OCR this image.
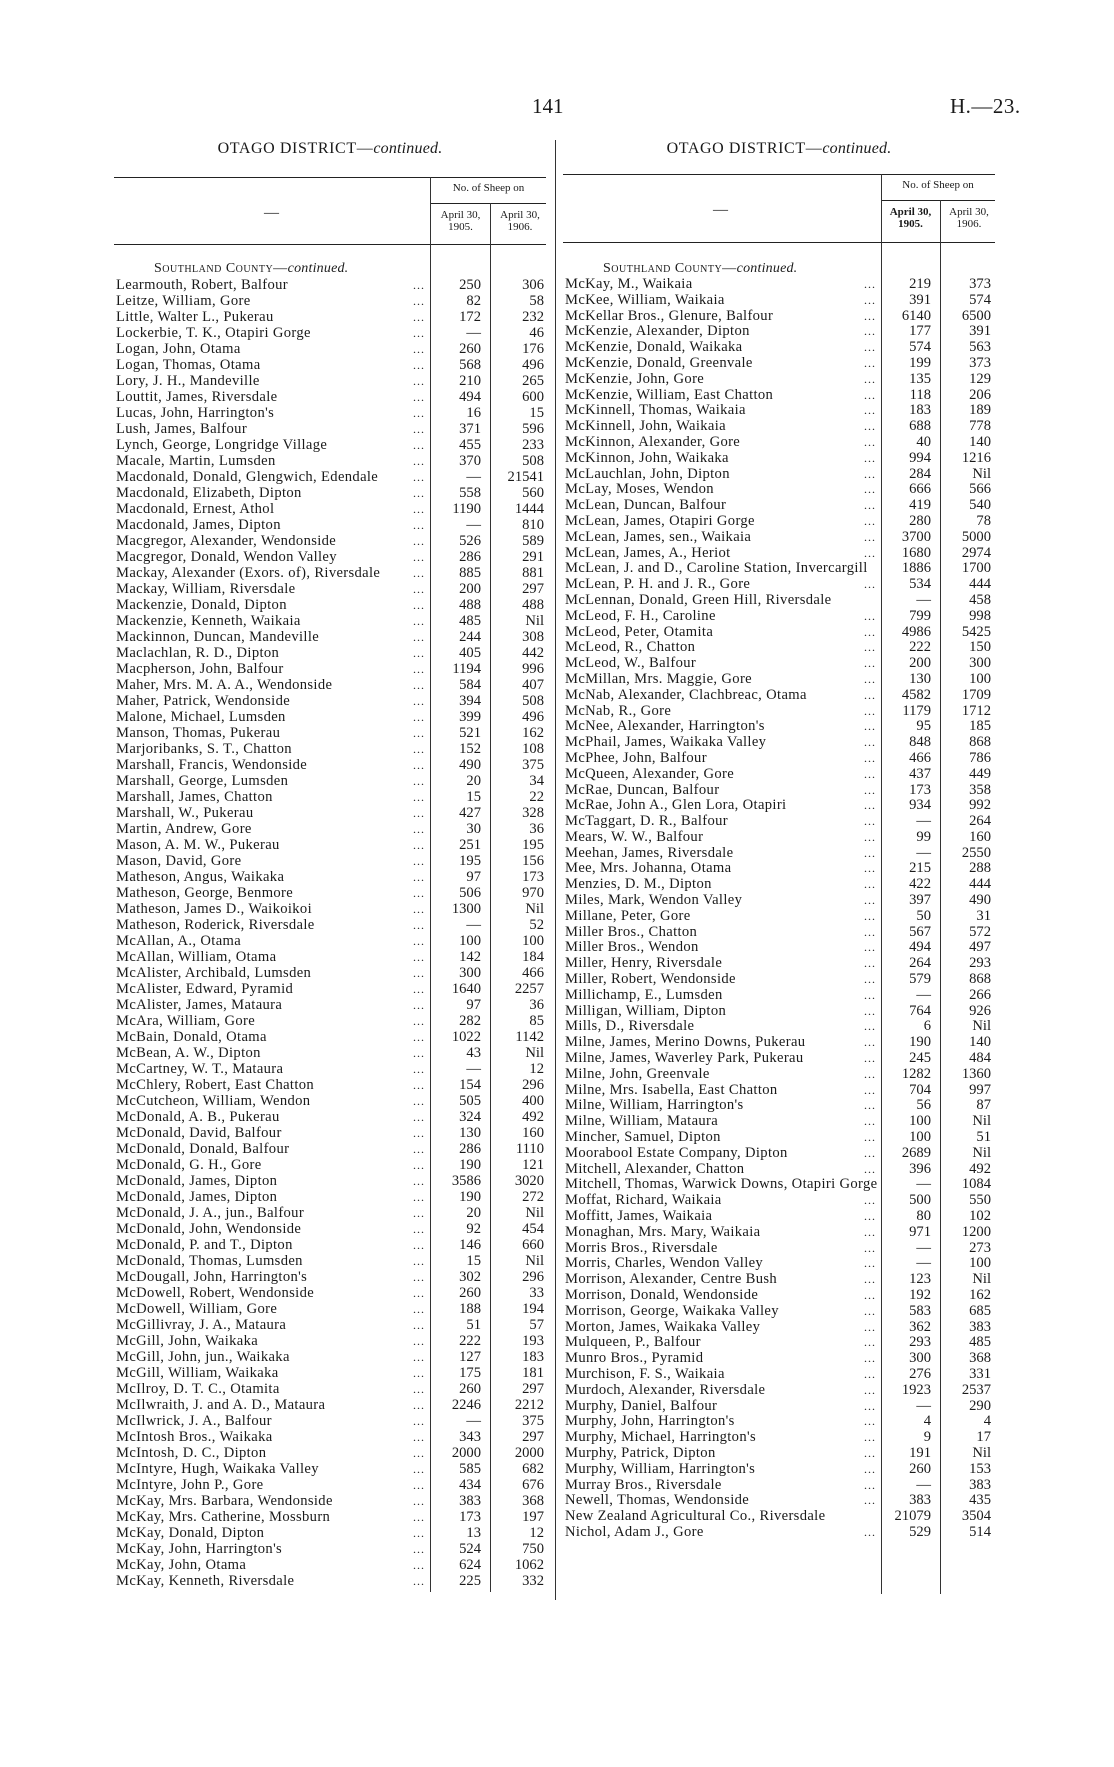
141	H.—23.
OTAGO DISTRICT—continued.
—
No. of Sheep on
April 30,
1905.
April 30,
1906.
Southland County—continued.
Learmouth, Robert, Balfour	...	250	306
Leitze, William, Gore	...	82	58
Little, Walter L., Pukerau	...	172	232
Lockerbie, T. K., Otapiri Gorge	...	—	46
Logan, John, Otama	...	260	176
Logan, Thomas, Otama	...	568	496
Lory, J. H., Mandeville	...	210	265
Louttit, James, Riversdale	...	494	600
Lucas, John, Harrington's	...	16	15
Lush, James, Balfour	...	371	596
Lynch, George, Longridge Village	...	455	233
Macale, Martin, Lumsden	...	370	508
Macdonald, Donald, Glengwich, Edendale	...	—	21541
Macdonald, Elizabeth, Dipton	...	558	560
Macdonald, Ernest, Athol	...	1190	1444
Macdonald, James, Dipton	...	—	810
Macgregor, Alexander, Wendonside	...	526	589
Macgregor, Donald, Wendon Valley	...	286	291
Mackay, Alexander (Exors. of), Riversdale	...	885	881
Mackay, William, Riversdale	...	200	297
Mackenzie, Donald, Dipton	...	488	488
Mackenzie, Kenneth, Waikaia	...	485	Nil
Mackinnon, Duncan, Mandeville	...	244	308
Maclachlan, R. D., Dipton	...	405	442
Macpherson, John, Balfour	...	1194	996
Maher, Mrs. M. A. A., Wendonside	...	584	407
Maher, Patrick, Wendonside	...	394	508
Malone, Michael, Lumsden	...	399	496
Manson, Thomas, Pukerau	...	521	162
Marjoribanks, S. T., Chatton	...	152	108
Marshall, Francis, Wendonside	...	490	375
Marshall, George, Lumsden	...	20	34
Marshall, James, Chatton	...	15	22
Marshall, W., Pukerau	...	427	328
Martin, Andrew, Gore	...	30	36
Mason, A. M. W., Pukerau	...	251	195
Mason, David, Gore	...	195	156
Matheson, Angus, Waikaka	...	97	173
Matheson, George, Benmore	...	506	970
Matheson, James D., Waikoikoi	...	1300	Nil
Matheson, Roderick, Riversdale	...	—	52
McAllan, A., Otama	...	100	100
McAllan, William, Otama	...	142	184
McAlister, Archibald, Lumsden	...	300	466
McAlister, Edward, Pyramid	...	1640	2257
McAlister, James, Mataura	...	97	36
McAra, William, Gore	...	282	85
McBain, Donald, Otama	...	1022	1142
McBean, A. W., Dipton	...	43	Nil
McCartney, W. T., Mataura	...	—	12
McChlery, Robert, East Chatton	...	154	296
McCutcheon, William, Wendon	...	505	400
McDonald, A. B., Pukerau	...	324	492
McDonald, David, Balfour	...	130	160
McDonald, Donald, Balfour	...	286	1110
McDonald, G. H., Gore	...	190	121
McDonald, James, Dipton	...	3586	3020
McDonald, James, Dipton	...	190	272
McDonald, J. A., jun., Balfour	...	20	Nil
McDonald, John, Wendonside	...	92	454
McDonald, P. and T., Dipton	...	146	660
McDonald, Thomas, Lumsden	...	15	Nil
McDougall, John, Harrington's	...	302	296
McDowell, Robert, Wendonside	...	260	33
McDowell, William, Gore	...	188	194
McGillivray, J. A., Mataura	...	51	57
McGill, John, Waikaka	...	222	193
McGill, John, jun., Waikaka	...	127	183
McGill, William, Waikaka	...	175	181
McIlroy, D. T. C., Otamita	...	260	297
McIlwraith, J. and A. D., Mataura	...	2246	2212
McIlwrick, J. A., Balfour	...	—	375
McIntosh Bros., Waikaka	...	343	297
McIntosh, D. C., Dipton	...	2000	2000
McIntyre, Hugh, Waikaka Valley	...	585	682
McIntyre, John P., Gore	...	434	676
McKay, Mrs. Barbara, Wendonside	...	383	368
McKay, Mrs. Catherine, Mossburn	...	173	197
McKay, Donald, Dipton	...	13	12
McKay, John, Harrington's	...	524	750
McKay, John, Otama	...	624	1062
McKay, Kenneth, Riversdale	...	225	332
OTAGO DISTRICT—continued.
—
No. of Sheep on
April 30,
1905.
April 30,
1906.
Southland County—continued.
McKay, M., Waikaia	...	219	373
McKee, William, Waikaia	...	391	574
McKellar Bros., Glenure, Balfour	...	6140	6500
McKenzie, Alexander, Dipton	...	177	391
McKenzie, Donald, Waikaka	...	574	563
McKenzie, Donald, Greenvale	...	199	373
McKenzie, John, Gore	...	135	129
McKenzie, William, East Chatton	...	118	206
McKinnell, Thomas, Waikaia	...	183	189
McKinnell, John, Waikaia	...	688	778
McKinnon, Alexander, Gore	...	40	140
McKinnon, John, Waikaka	...	994	1216
McLauchlan, John, Dipton	...	284	Nil
McLay, Moses, Wendon	...	666	566
McLean, Duncan, Balfour	...	419	540
McLean, James, Otapiri Gorge	...	280	78
McLean, James, sen., Waikaia	...	3700	5000
McLean, James, A., Heriot	...	1680	2974
McLean, J. and D., Caroline Station, Invercargill	1886	1700
McLean, P. H. and J. R., Gore	...	534	444
McLennan, Donald, Green Hill, Riversdale	—	458
McLeod, F. H., Caroline	...	799	998
McLeod, Peter, Otamita	...	4986	5425
McLeod, R., Chatton	...	222	150
McLeod, W., Balfour	...	200	300
McMillan, Mrs. Maggie, Gore	...	130	100
McNab, Alexander, Clachbreac, Otama	...	4582	1709
McNab, R., Gore	...	1179	1712
McNee, Alexander, Harrington's	...	95	185
McPhail, James, Waikaka Valley	...	848	868
McPhee, John, Balfour	...	466	786
McQueen, Alexander, Gore	...	437	449
McRae, Duncan, Balfour	...	173	358
McRae, John A., Glen Lora, Otapiri	...	934	992
McTaggart, D. R., Balfour	...	—	264
Mears, W. W., Balfour	...	99	160
Meehan, James, Riversdale	...	—	2550
Mee, Mrs. Johanna, Otama	...	215	288
Menzies, D. M., Dipton	...	422	444
Miles, Mark, Wendon Valley	...	397	490
Millane, Peter, Gore	...	50	31
Miller Bros., Chatton	...	567	572
Miller Bros., Wendon	...	494	497
Miller, Henry, Riversdale	...	264	293
Miller, Robert, Wendonside	...	579	868
Millichamp, E., Lumsden	...	—	266
Milligan, William, Dipton	...	764	926
Mills, D., Riversdale	...	6	Nil
Milne, James, Merino Downs, Pukerau	...	190	140
Milne, James, Waverley Park, Pukerau	...	245	484
Milne, John, Greenvale	...	1282	1360
Milne, Mrs. Isabella, East Chatton	...	704	997
Milne, William, Harrington's	...	56	87
Milne, William, Mataura	...	100	Nil
Mincher, Samuel, Dipton	...	100	51
Moorabool Estate Company, Dipton	...	2689	Nil
Mitchell, Alexander, Chatton	...	396	492
Mitchell, Thomas, Warwick Downs, Otapiri Gorge	—	1084
Moffat, Richard, Waikaia	...	500	550
Moffitt, James, Waikaia	...	80	102
Monaghan, Mrs. Mary, Waikaia	...	971	1200
Morris Bros., Riversdale	...	—	273
Morris, Charles, Wendon Valley	...	—	100
Morrison, Alexander, Centre Bush	...	123	Nil
Morrison, Donald, Wendonside	...	192	162
Morrison, George, Waikaka Valley	...	583	685
Morton, James, Waikaka Valley	...	362	383
Mulqueen, P., Balfour	...	293	485
Munro Bros., Pyramid	...	300	368
Murchison, F. S., Waikaia	...	276	331
Murdoch, Alexander, Riversdale	...	1923	2537
Murphy, Daniel, Balfour	...	—	290
Murphy, John, Harrington's	...	4	4
Murphy, Michael, Harrington's	...	9	17
Murphy, Patrick, Dipton	...	191	Nil
Murphy, William, Harrington's	...	260	153
Murray Bros., Riversdale	...	—	383
Newell, Thomas, Wendonside	...	383	435
New Zealand Agricultural Co., Riversdale	21079	3504
Nichol, Adam J., Gore	...	529	514
